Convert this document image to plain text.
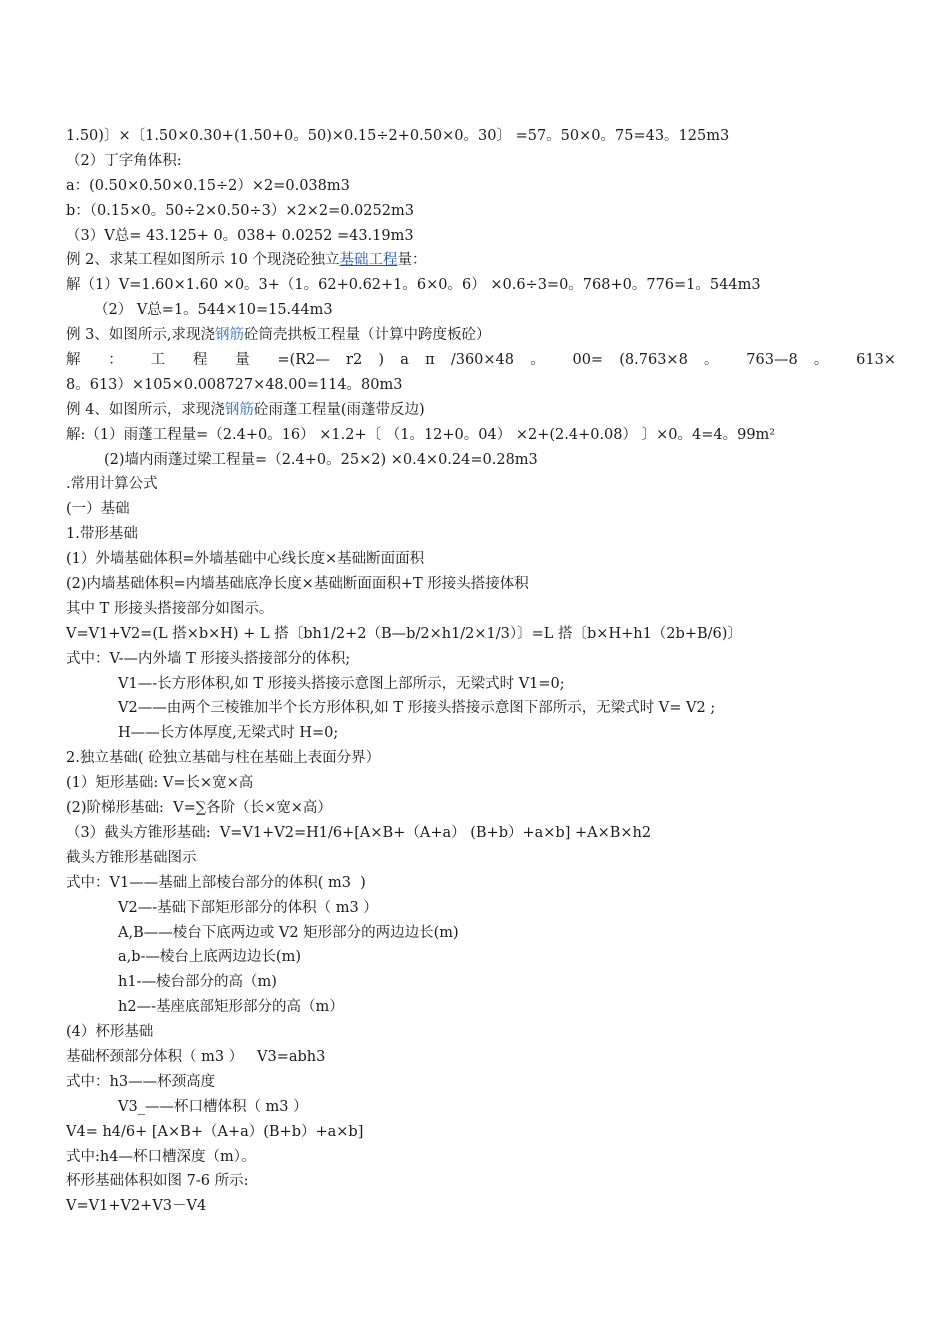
1.50)〕×〔1.50×0.30+(1.50+0。50)×0.15÷2+0.50×0。30〕 =57。50×0。75=43。125m3
（2）丁字角体积:
a：(0.50×0.50×0.15÷2）×2=0.038m3
b：（0.15×0。50÷2×0.50÷3）×2×2=0.0252m3
（3）V总= 43.125+ 0。038+ 0.0252 =43.19m3
例 2、求某工程如图所示 10 个现浇砼独立基础工程量：
解（1）V=1.60×1.60 ×0。3+（1。62+0.62+1。6×0。6） ×0.6÷3=0。768+0。776=1。544m3
（2） V总=1。544×10=15.44m3
例 3、如图所示,求现浇钢筋砼筒壳拱板工程量（计算中跨度板砼）
解 ： 工 程 量 =(R2— r2 ) a π /360×48 。 00= (8.763×8 。 763—8 。 613×
8。613）×105×0.008727×48.00=114。80m3
例 4、如图所示，求现浇钢筋砼雨蓬工程量(雨蓬带反边)
解:（1）雨蓬工程量=（2.4+0。16） ×1.2+〔 （1。12+0。04） ×2+(2.4+0.08） 〕×0。4=4。99m²
(2)墙内雨蓬过梁工程量=（2.4+0。25×2) ×0.4×0.24=0.28m3
.常用计算公式
(一）基础
1.带形基础
(1）外墙基础体积=外墙基础中心线长度×基础断面面积
(2)内墙基础体积=内墙基础底净长度×基础断面面积+T 形接头搭接体积
其中 T 形接头搭接部分如图示。
V=V1+V2=(L 搭×b×H) + L 搭〔bh1/2+2（B—b/2×h1/2×1/3）〕=L 搭〔b×H+h1（2b+B/6)〕
式中：V-—内外墙 T 形接头搭接部分的体积;
V1—-长方形体积,如 T 形接头搭接示意图上部所示，无梁式时 V1=0;
V2——由两个三棱锥加半个长方形体积,如 T 形接头搭接示意图下部所示，无梁式时 V= V2 ;
H——长方体厚度,无梁式时 H=0;
2.独立基础( 砼独立基础与柱在基础上表面分界）
(1）矩形基础: V=长×宽×高
(2)阶梯形基础:  V=∑各阶（长×宽×高）
（3）截头方锥形基础:  V=V1+V2=H1/6+[A×B+（A+a） (B+b）+a×b] +A×B×h2
截头方锥形基础图示
式中：V1——基础上部棱台部分的体积( m3  )
V2—-基础下部矩形部分的体积（ m3 ）
A,B——棱台下底两边或 V2 矩形部分的两边边长(m)
a,b-—棱台上底两边边长(m)
h1-—棱台部分的高（m)
h2—-基座底部矩形部分的高（m）
(4）杯形基础
基础杯颈部分体积（ m3 ）   V3=abh3
式中：h3——杯颈高度
V3_——杯口槽体积（ m3 ）
V4= h4/6+ [A×B+（A+a）(B+b）+a×b]
式中:h4—杯口槽深度（m）。
杯形基础体积如图 7-6 所示:
V=V1+V2+V3－V4
